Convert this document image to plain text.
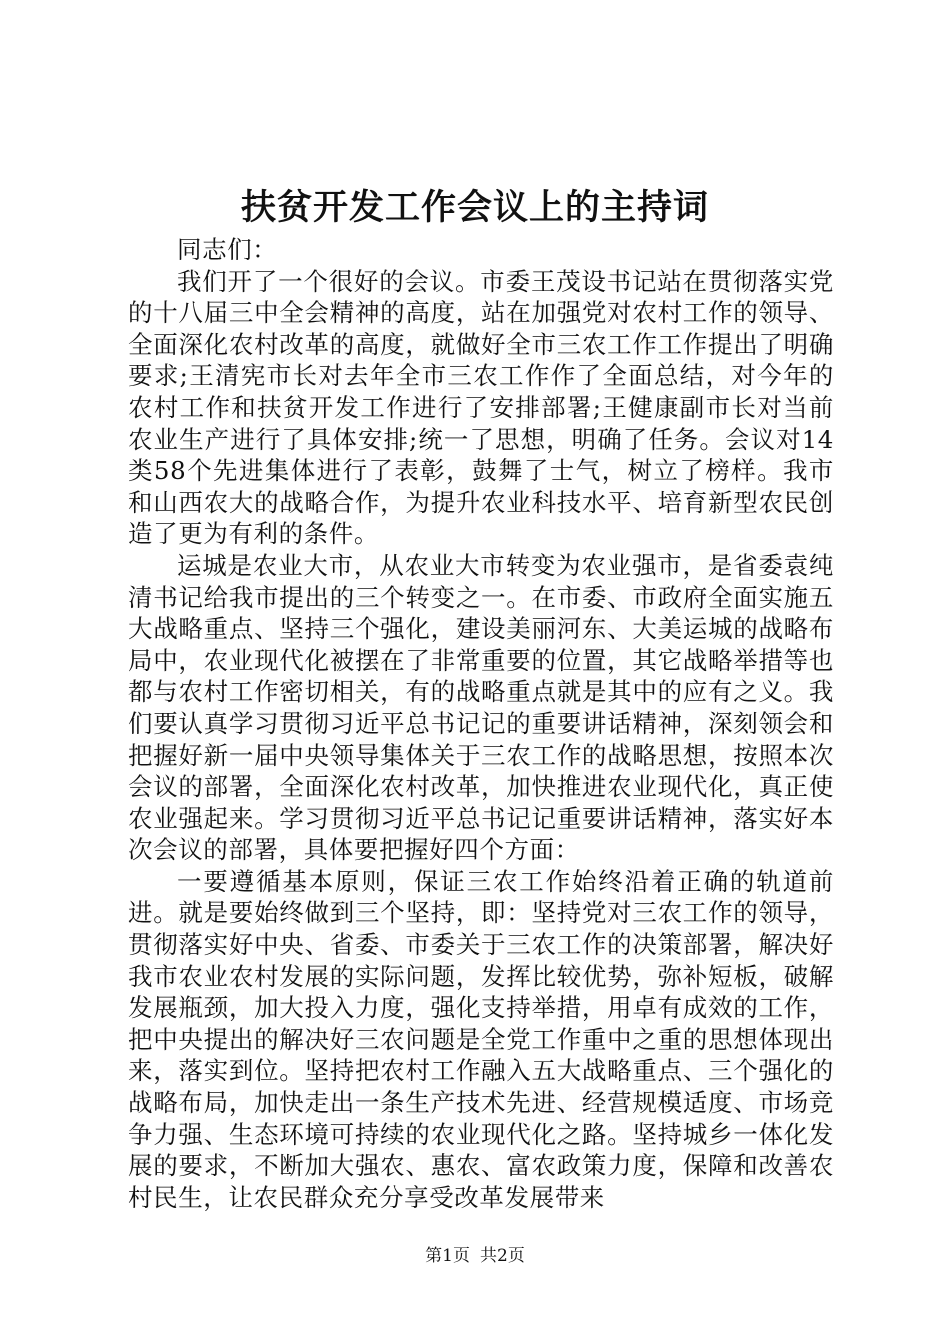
扶贫开发工作会议上的主持词

同志们：

我们开了一个很好的会议。市委王茂设书记站在贯彻落实党的十八届三中全会精神的高度，站在加强党对农村工作的领导、全面深化农村改革的高度，就做好全市三农工作工作提出了明确要求;王清宪市长对去年全市三农工作作了全面总结，对今年的农村工作和扶贫开发工作进行了安排部署;王健康副市长对当前农业生产进行了具体安排;统一了思想，明确了任务。会议对14类58个先进集体进行了表彰，鼓舞了士气，树立了榜样。我市和山西农大的战略合作，为提升农业科技水平、培育新型农民创造了更为有利的条件。

运城是农业大市，从农业大市转变为农业强市，是省委袁纯清书记给我市提出的三个转变之一。在市委、市政府全面实施五大战略重点、坚持三个强化，建设美丽河东、大美运城的战略布局中，农业现代化被摆在了非常重要的位置，其它战略举措等也都与农村工作密切相关，有的战略重点就是其中的应有之义。我们要认真学习贯彻习近平总书记记的重要讲话精神，深刻领会和把握好新一届中央领导集体关于三农工作的战略思想，按照本次会议的部署，全面深化农村改革，加快推进农业现代化，真正使农业强起来。学习贯彻习近平总书记记重要讲话精神，落实好本次会议的部署，具体要把握好四个方面：

一要遵循基本原则，保证三农工作始终沿着正确的轨道前进。就是要始终做到三个坚持，即：坚持党对三农工作的领导，贯彻落实好中央、省委、市委关于三农工作的决策部署，解决好我市农业农村发展的实际问题，发挥比较优势，弥补短板，破解发展瓶颈，加大投入力度，强化支持举措，用卓有成效的工作，把中央提出的解决好三农问题是全党工作重中之重的思想体现出来，落实到位。坚持把农村工作融入五大战略重点、三个强化的战略布局，加快走出一条生产技术先进、经营规模适度、市场竞争力强、生态环境可持续的农业现代化之路。坚持城乡一体化发展的要求，不断加大强农、惠农、富农政策力度，保障和改善农村民生，让农民群众充分享受改革发展带来

第1页 共2页
